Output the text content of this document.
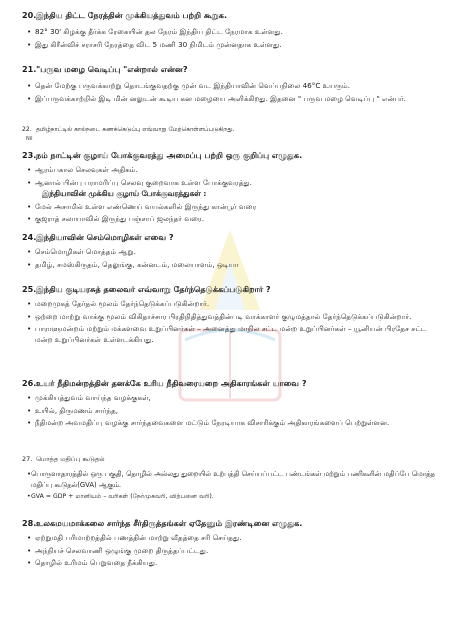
20.இந்திய திட்ட நேரத்தின் முக்கியத்துவம் பற்றி கூறுக.
• 82° 30' கிழக்கு தீர்க்க ரேகையின் தல நேரம் இந்திய திட்ட நேரமாக உள்ளது.
• இது கிரீன்விச் சராசரி நேரத்தை விட 5 மணி 30 நிமிடம் முன்னதாக உள்ளது.
21."பருவ மழை வெடிப்பு "என்றால் என்ன?
• தென் மேற்கு பருவக்காற்று தொடங்குவதற்கு முன் வட இந்தியாவின் வெப்பநிலை 46°C உயரும்.
• இப்பருவக்காற்றில் இடி மின் னலுடன் கூடிய கன மழையை அளிக்கிறது. இதனை " பருவ மழை வெடிப்பு " என்பர்.
22. தமிழ்நாட்டில் கால்நடை கணக்கெடுப்பு எவ்வாறு மேற்கொள்ளப்படுகிறது.
Nil
23.நம் நாட்டின் குழாய் போக்குவரத்து அமைப்பு பற்றி ஒரு குறிப்பு எழுதுக.
• ஆரம்பகால செலவுகள் அதிகம்.
• ஆனால் பின்பு பராமரிப்பு செலவு குறைவாக உள்ள போக்குவரத்து.
இந்தியாவின் முக்கிய குழாய் போக்குவரத்துகள் :
• மேல் அசாமில் உள்ள எண்ணெய் வயல்களில் இருந்து கான்பூர் வரை
• குஜராத் சலாயாவில் இருந்து பஞ்சாப் ஜலந்தர் வரை.
24.இந்தியாவின் செம்மொழிகள் எவை ?
• செம்மொழிகள் மொத்தம் ஆறு.
• தமிழ், சமஸ்கிருதம், தெலுங்கு, கன்னடம், மலையாளம், ஒடியா
25.இந்திய குடியரசுத் தலைவர் எவ்வாறு தேர்ந்தெடுக்கப்படுகிறார் ?
• மறைமுகத் தேர்தல் மூலம் தேர்ந்தெடுக்கப்படுகின்றார்.
• ஒற்றை மாற்று வாக்கு மூலம் விகிதாச்சார பிரதிநிதித்துவத்தின்படி வாக்காளர் குழுமத்தால் தேர்ந்தெடுக்கப்படுகின்றார்.
• பாராளுமன்றம் மற்றும் மக்களவை உறுப்பினர்கள் – அனைத்து மாநில சட்ட மன்ற உறுப்பினர்கள் – யூனியன் பிரதேச சட்ட மன்ற உறுப்பினர்கள் உள்ளடக்கியது.
26.உயர் நீதிமன்றத்தின் தனக்கே உரிய நீதிவரையறை அதிகாரங்கள் யாவை ?
• முக்கியத்துவம் வாய்ந்த வழக்குகள்,
• உயில், திருமணம் சார்ந்த,
• நீதிமன்ற அவமதிப்பு வழக்கு சார்ந்தவைகளை மட்டும் நேரடியாக விசாரிக்கும் அதிகாரங்களைப் பெற்றுள்ளன.
27. மொத்த மதிப்பு கூடுதல்
• பொருளாதாரத்தில் ஒரு பகுதி, தொழில் அல்லது துறையில் உற்பத்தி செய்யப்பட்ட பண்டங்கள் மற்றும் பணிகளின் மதிப்பே மொத்த மதிப்பு கூடுதல்(GVA) ஆகும்.
• GVA = GDP + மானியம் – வரிகள் (நேர்முகவரி, விற்பனை வரி).
28.உலகமயமாக்கலை சார்ந்த சீர்திருத்தங்கள் ஏதேனும் இரண்டினை எழுதுக.
• ஏற்றுமதி பரிமாற்றத்தில் பணத்தின் மாற்று வீதத்தை சரி செய்தது.
• அந்நியச் செலவாணி ஒழுங்கு முறை திருத்தப்பட்டது.
• தொழில் உரிமம் பெறுவதை நீக்கியது.
